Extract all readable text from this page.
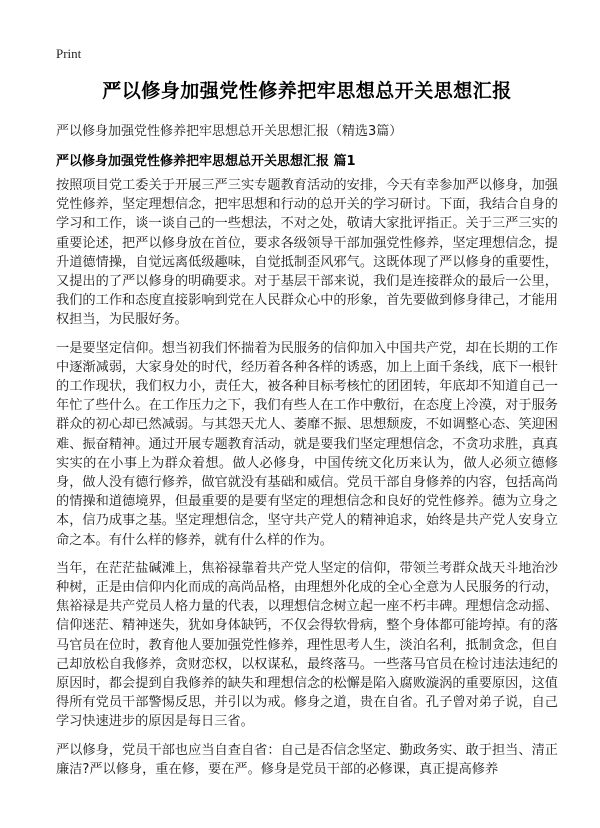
Print
严以修身加强党性修养把牢思想总开关思想汇报
严以修身加强党性修养把牢思想总开关思想汇报（精选3篇）
严以修身加强党性修养把牢思想总开关思想汇报 篇1

按照项目党工委关于开展三严三实专题教育活动的安排，今天有幸参加严以修身，加强党性修养，坚定理想信念，把牢思想和行动的总开关的学习研讨。下面，我结合自身的学习和工作，谈一谈自己的一些想法，不对之处，敬请大家批评指正。关于三严三实的重要论述，把严以修身放在首位，要求各级领导干部加强党性修养，坚定理想信念，提升道德情操，自觉远离低级趣味，自觉抵制歪风邪气。这既体现了严以修身的重要性，又提出的了严以修身的明确要求。对于基层干部来说，我们是连接群众的最后一公里，我们的工作和态度直接影响到党在人民群众心中的形象，首先要做到修身律己，才能用权担当，为民服好务。

一是要坚定信仰。想当初我们怀揣着为民服务的信仰加入中国共产党，却在长期的工作中逐渐减弱，大家身处的时代，经历着各种各样的诱惑，加上上面千条线，底下一根针的工作现状，我们权力小，责任大，被各种目标考核忙的团团转，年底却不知道自己一年忙了些什么。在工作压力之下，我们有些人在工作中敷衍，在态度上冷漠，对于服务群众的初心却已然减弱。与其怨天尤人、萎靡不振、思想颓废，不如调整心态、笑迎困难、振奋精神。通过开展专题教育活动，就是要我们坚定理想信念，不贪功求胜，真真实实的在小事上为群众着想。做人必修身，中国传统文化历来认为，做人必须立德修身，做人没有德行修养，做官就没有基础和威信。党员干部自身修养的内容，包括高尚的情操和道德境界，但最重要的是要有坚定的理想信念和良好的党性修养。德为立身之本，信乃成事之基。坚定理想信念，坚守共产党人的精神追求，始终是共产党人安身立命之本。有什么样的修养，就有什么样的作为。

当年，在茫茫盐碱滩上，焦裕禄靠着共产党人坚定的信仰，带领兰考群众战天斗地治沙种树，正是由信仰内化而成的高尚品格，由理想外化成的全心全意为人民服务的行动，焦裕禄是共产党员人格力量的代表，以理想信念树立起一座不朽丰碑。理想信念动摇、信仰迷茫、精神迷失，犹如身体缺钙，不仅会得软骨病，整个身体都可能垮掉。有的落马官员在位时，教育他人要加强党性修养，理性思考人生，淡泊名利，抵制贪念，但自己却放松自我修养，贪财恋权，以权谋私，最终落马。一些落马官员在检讨违法违纪的原因时，都会提到自我修养的缺失和理想信念的松懈是陷入腐败漩涡的重要原因，这值得所有党员干部警惕反思，并引以为戒。修身之道，贵在自省。孔子曾对弟子说，自己学习快速进步的原因是每日三省。

严以修身，党员干部也应当自查自省：自己是否信念坚定、勤政务实、敢于担当、清正廉洁?严以修身，重在修，要在严。修身是党员干部的必修课，真正提高修养
